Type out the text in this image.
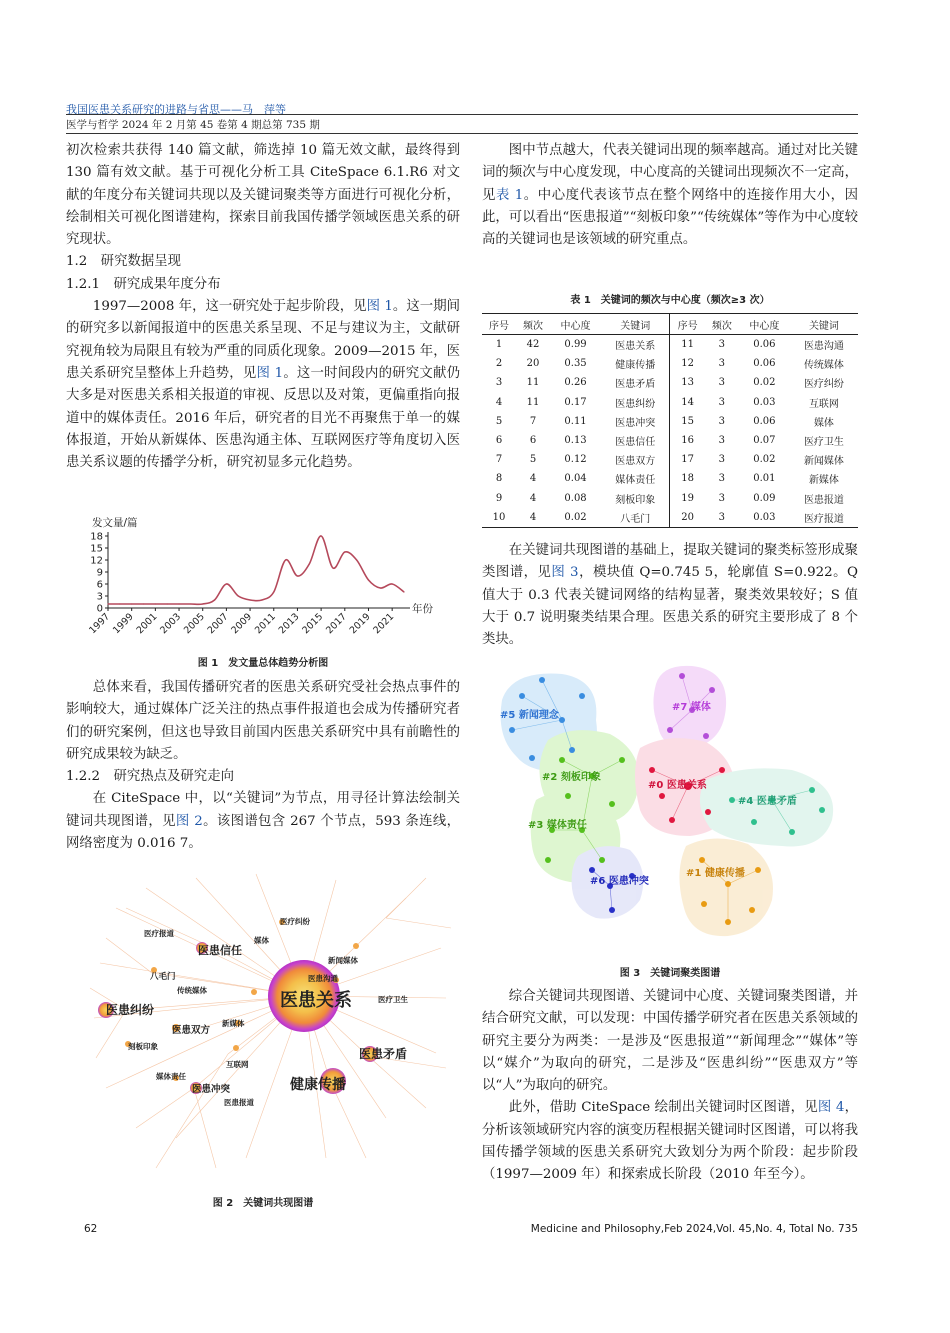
我国医患关系研究的进路与省思——马　萍等
医学与哲学 2024 年 2 月第 45 卷第 4 期总第 735 期

初次检索共获得 140 篇文献，筛选掉 10 篇无效文献，最终得到 130 篇有效文献。基于可视化分析工具 CiteSpace 6.1.R6 对文献的年度分布关键词共现以及关键词聚类等方面进行可视化分析，绘制相关可视化图谱建构，探索目前我国传播学领域医患关系的研究现状。

1.2　研究数据呈现

1.2.1　研究成果年度分布

1997—2008 年，这一研究处于起步阶段，见图 1。这一期间的研究多以新闻报道中的医患关系呈现、不足与建议为主，文献研究视角较为局限且有较为严重的同质化现象。2009—2015 年，医患关系研究呈整体上升趋势，见图 1。这一时间段内的研究文献仍大多是对医患关系相关报道的审视、反思以及对策，更偏重指向报道中的媒体责任。2016 年后，研究者的目光不再聚焦于单一的媒体报道，开始从新媒体、医患沟通主体、互联网医疗等角度切入医患关系议题的传播学分析，研究初显多元化趋势。

0
3
6
9
12
15
18
1997
1999
2001
2003
2005
2007
2009
2011
2013
2015
2017
2019
2021
发文量/篇
年份
图 1　发文量总体趋势分析图

总体来看，我国传播研究者的医患关系研究受社会热点事件的影响较大，通过媒体广泛关注的热点事件报道也会成为传播研究者们的研究案例，但这也导致目前国内医患关系研究中具有前瞻性的研究成果较为缺乏。

1.2.2　研究热点及研究走向

在 CiteSpace 中，以“关键词”为节点，用寻径计算法绘制关键词共现图谱，见图 2。该图谱包含 267 个节点，593 条连线，网络密度为 0.016 7。

医患关系
医疗纠纷
医疗报道
医患信任
媒体
新闻媒体
八毛门
传统媒体
医患沟通
医疗卫生
医患纠纷
医患双方
新媒体
刻板印象
互联网
医患矛盾
媒体责任
医患冲突	健康传播
医患报道
图 2　关键词共现图谱

图中节点越大，代表关键词出现的频率越高。通过对比关键词的频次与中心度发现，中心度高的关键词出现频次不一定高，见表 1。中心度代表该节点在整个网络中的连接作用大小，因此，可以看出“医患报道”“刻板印象”“传统媒体”等作为中心度较高的关键词也是该领域的研究重点。

表 1　关键词的频次与中心度（频次≥3 次）
序号	频次	中心度	关键词	序号	频次	中心度	关键词
1	42	0.99	医患关系	11	3	0.06	医患沟通
2	20	0.35	健康传播	12	3	0.06	传统媒体
3	11	0.26	医患矛盾	13	3	0.02	医疗纠纷
4	11	0.17	医患纠纷	14	3	0.03	互联网
5	7	0.11	医患冲突	15	3	0.06	媒体
6	6	0.13	医患信任	16	3	0.07	医疗卫生
7	5	0.12	医患双方	17	3	0.02	新闻媒体
8	4	0.04	媒体责任	18	3	0.01	新媒体
9	4	0.08	刻板印象	19	3	0.09	医患报道
10	4	0.02	八毛门	20	3	0.03	医疗报道

在关键词共现图谱的基础上，提取关键词的聚类标签形成聚类图谱，见图 3，模块值 Q=0.745 5，轮廓值 S=0.922。Q 值大于 0.3 代表关键词网络的结构显著，聚类效果较好；S 值大于 0.7 说明聚类结果合理。医患关系的研究主要形成了 8 个类块。

#5 新闻理念
#7 媒体
#2 刻板印象
#0 医患关系
#4 医患矛盾
#3 媒体责任
#1 健康传播
#6 医患冲突
图 3　关键词聚类图谱

综合关键词共现图谱、关键词中心度、关键词聚类图谱，并结合研究文献，可以发现：中国传播学研究者在医患关系领域的研究主要分为两类：一是涉及“医患报道”“新闻理念”“媒体”等以“媒介”为取向的研究，二是涉及“医患纠纷”“医患双方”等以“人”为取向的研究。

此外，借助 CiteSpace 绘制出关键词时区图谱，见图 4，分析该领域研究内容的演变历程根据关键词时区图谱，可以将我国传播学领域的医患关系研究大致划分为两个阶段：起步阶段（1997—2009 年）和探索成长阶段（2010 年至今）。

62	Medicine and Philosophy,Feb 2024,Vol. 45,No. 4, Total No. 735
